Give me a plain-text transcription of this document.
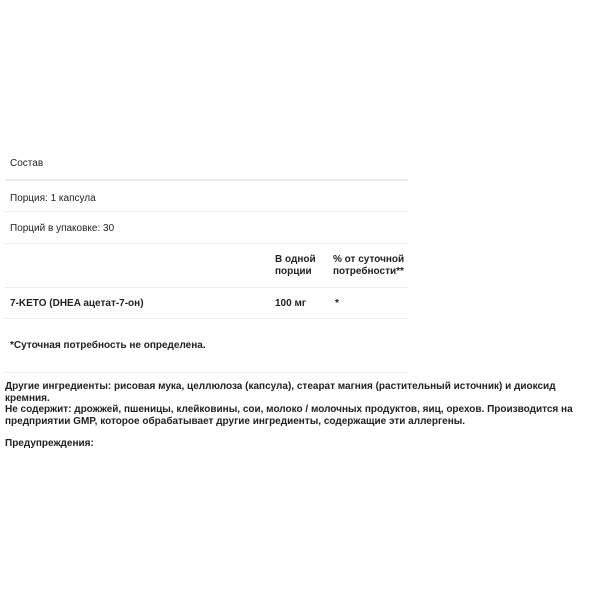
Состав
Порция: 1 капсула
Порций в упаковке: 30
В одной
порции
% от суточной
потребности**
7-KETO (DHEA ацетат-7-он)	100 мг	*
*Суточная потребность не определена.
Другие ингредиенты: рисовая мука, целлюлоза (капсула), стеарат магния (растительный источник) и диоксид кремния.
Не содержит: дрожжей, пшеницы, клейковины, сои, молоко / молочных продуктов, яиц, орехов. Производится на предприятии GMP, которое обрабатывает другие ингредиенты, содержащие эти аллергены.
Предупреждения:
